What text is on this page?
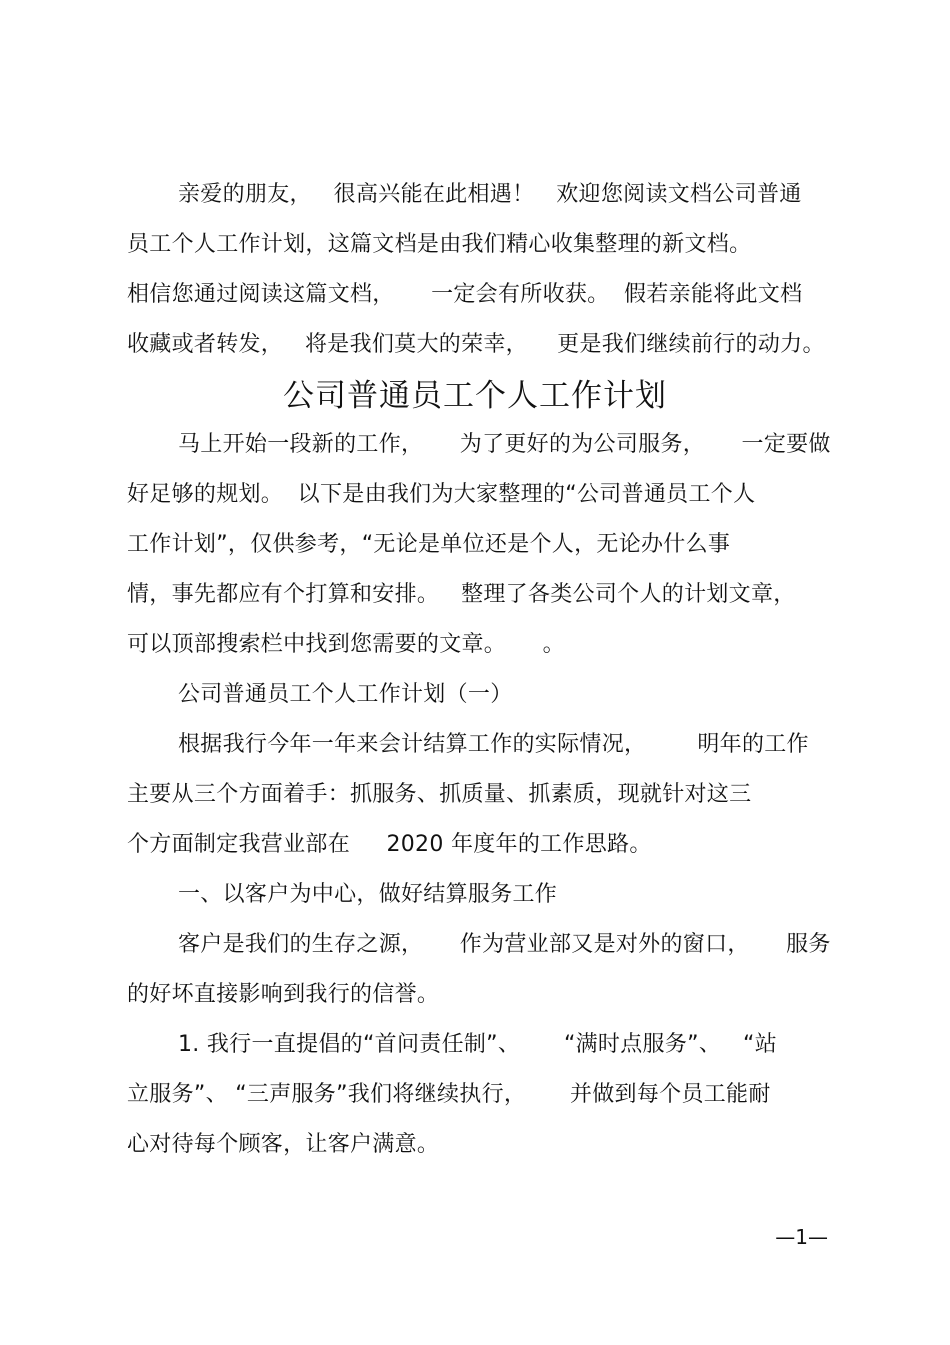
亲爱的朋友，   很高兴能在此相遇！   欢迎您阅读文档公司普通
员工个人工作计划，这篇文档是由我们精心收集整理的新文档。
相信您通过阅读这篇文档，     一定会有所收获。  假若亲能将此文档
收藏或者转发，   将是我们莫大的荣幸，    更是我们继续前行的动力。
公司普通员工个人工作计划
马上开始一段新的工作，     为了更好的为公司服务，     一定要做
好足够的规划。  以下是由我们为大家整理的“公司普通员工个人
工作计划”，仅供参考，“无论是单位还是个人，无论办什么事
情，事先都应有个打算和安排。   整理了各类公司个人的计划文章，
可以顶部搜索栏中找到您需要的文章。     。
公司普通员工个人工作计划（一）
根据我行今年一年来会计结算工作的实际情况，       明年的工作
主要从三个方面着手：抓服务、抓质量、抓素质，现就针对这三
个方面制定我营业部在     2020 年度年的工作思路。
一、以客户为中心，做好结算服务工作
客户是我们的生存之源，     作为营业部又是对外的窗口，     服务
的好坏直接影响到我行的信誉。
1. 我行一直提倡的“首问责任制”、      “满时点服务”、   “站
立服务”、 “三声服务”我们将继续执行，      并做到每个员工能耐
心对待每个顾客，让客户满意。
—1—
